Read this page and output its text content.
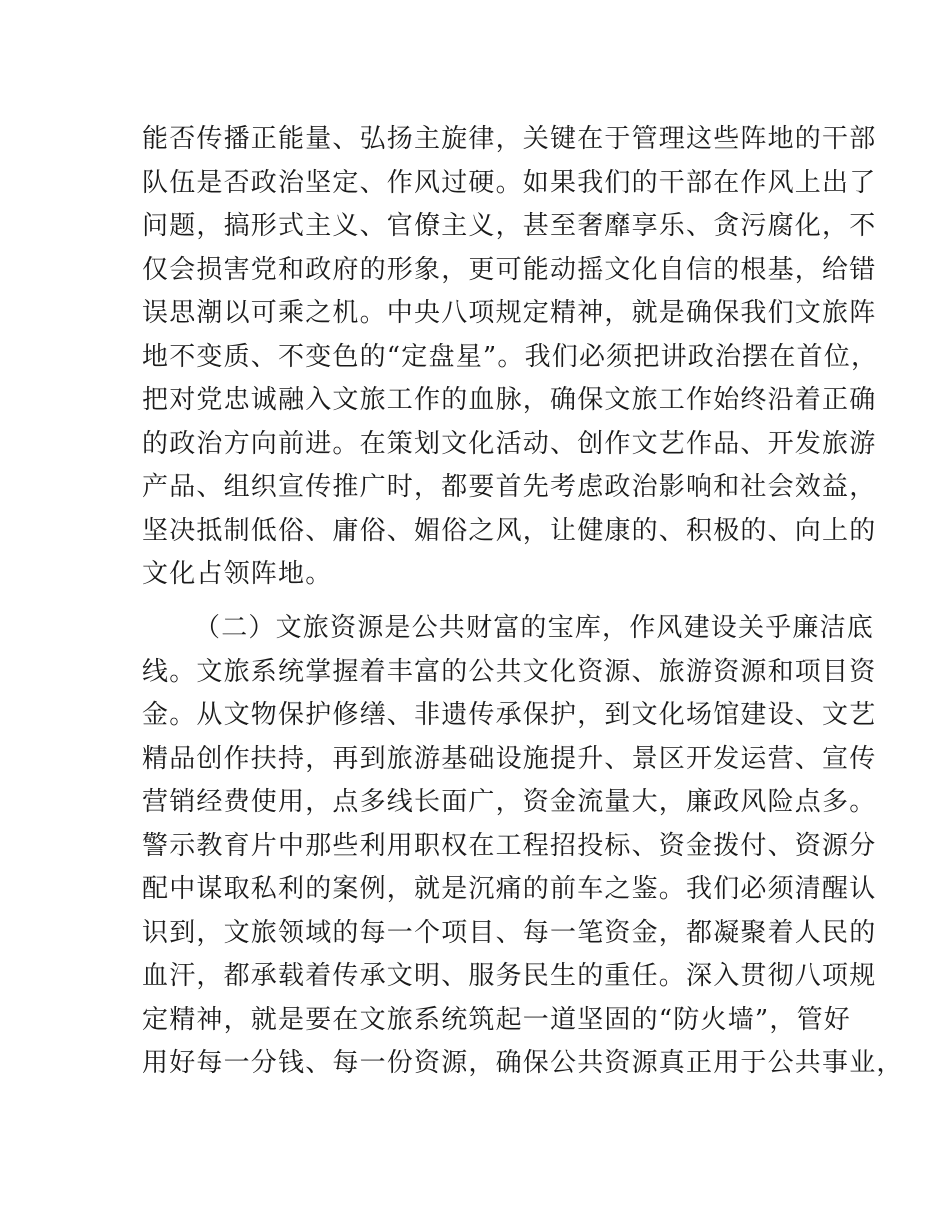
能否传播正能量、弘扬主旋律，关键在于管理这些阵地的干部
队伍是否政治坚定、作风过硬。如果我们的干部在作风上出了
问题，搞形式主义、官僚主义，甚至奢靡享乐、贪污腐化，不
仅会损害党和政府的形象，更可能动摇文化自信的根基，给错
误思潮以可乘之机。中央八项规定精神，就是确保我们文旅阵
地不变质、不变色的“定盘星”。我们必须把讲政治摆在首位，
把对党忠诚融入文旅工作的血脉，确保文旅工作始终沿着正确
的政治方向前进。在策划文化活动、创作文艺作品、开发旅游
产品、组织宣传推广时，都要首先考虑政治影响和社会效益，
坚决抵制低俗、庸俗、媚俗之风，让健康的、积极的、向上的
文化占领阵地。
（二）文旅资源是公共财富的宝库，作风建设关乎廉洁底
线。文旅系统掌握着丰富的公共文化资源、旅游资源和项目资
金。从文物保护修缮、非遗传承保护，到文化场馆建设、文艺
精品创作扶持，再到旅游基础设施提升、景区开发运营、宣传
营销经费使用，点多线长面广，资金流量大，廉政风险点多。
警示教育片中那些利用职权在工程招投标、资金拨付、资源分
配中谋取私利的案例，就是沉痛的前车之鉴。我们必须清醒认
识到，文旅领域的每一个项目、每一笔资金，都凝聚着人民的
血汗，都承载着传承文明、服务民生的重任。深入贯彻八项规
定精神，就是要在文旅系统筑起一道坚固的“防火墙”，管好
用好每一分钱、每一份资源，确保公共资源真正用于公共事业，
